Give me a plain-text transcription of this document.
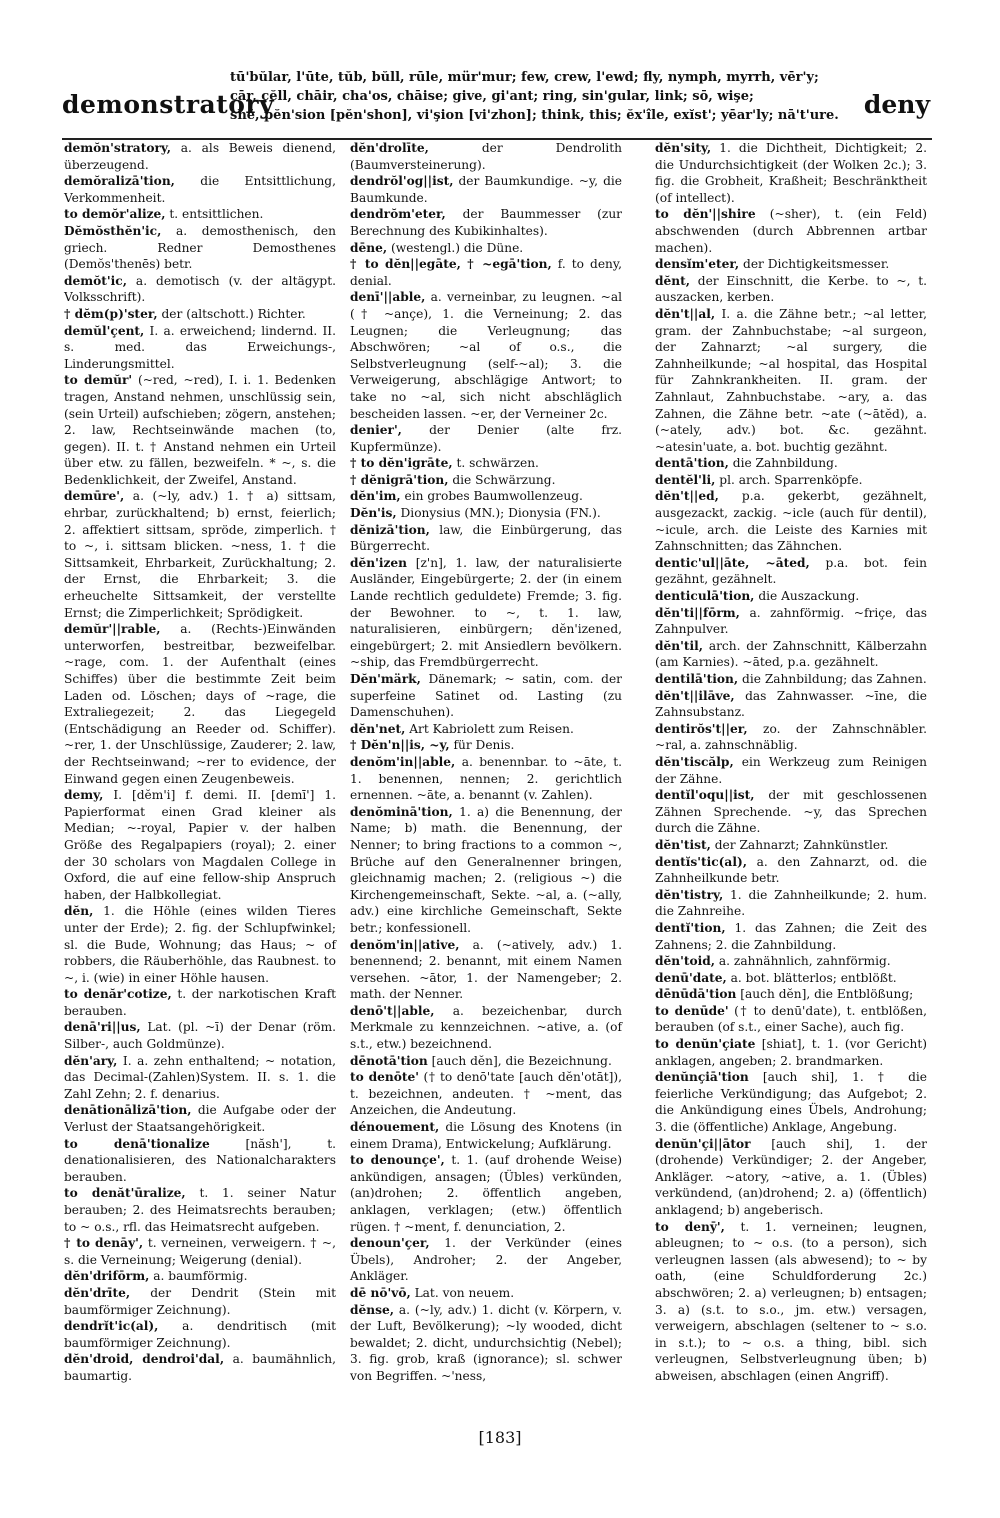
demonstratory
tū'bŭlar, l'ūte, tŭb, bŭll, rūle, mür'mur; few, crew, l'ewd; fly, nymph, myrrh, vēr'y;
cār, çĕll, chāir, cha'os, chāise; give, gi'ant; ring, sin'gular, link; sō, wişe;
shē, pĕn'sion [pĕn'shon], vi'şion [vi'zhon]; think, this; ĕx'île, exĭst'; yēar'ly; nā't'ure. deny

demŏn'stratory, a. als Beweis dienend, überzeugend.

demŏralizā'tion, die Entsittlichung, Verkommenheit.

to demŏr'alize, t. entsittlichen.

Dĕmŏsthĕn'ic, a. demosthenisch, den griech. Redner Demosthenes (Demŏs'thenēs) betr.

demŏt'ic, a. demotisch (v. der altägypt. Volksschrift).

† dĕm(p)'ster, der (altschott.) Richter.

demŭl'çent, I. a. erweichend; lindernd. II. s. med. das Erweichungs-, Linderungsmittel.

to demŭr' (~red, ~red), I. i. 1. Bedenken tragen, Anstand nehmen, unschlüssig sein, (sein Urteil) aufschieben; zögern, anstehen; 2. law, Rechtseinwände machen (to, gegen). II. t. † Anstand nehmen ein Urteil über etw. zu fällen, bezweifeln. * ~, s. die Bedenklichkeit, der Zweifel, Anstand.

demūre', a. (~ly, adv.) 1. † a) sittsam, ehrbar, zurückhaltend; b) ernst, feierlich; 2. affektiert sittsam, spröde, zimperlich. † to ~, i. sittsam blicken. ~ness, 1. † die Sittsamkeit, Ehrbarkeit, Zurückhaltung; 2. der Ernst, die Ehrbarkeit; 3. die erheuchelte Sittsamkeit, der verstellte Ernst; die Zimperlichkeit; Sprödigkeit.

demŭr'||rable, a. (Rechts-)Einwänden unterworfen, bestreitbar, bezweifelbar. ~rage, com. 1. der Aufenthalt (eines Schiffes) über die bestimmte Zeit beim Laden od. Löschen; days of ~rage, die Extraliegezeit; 2. das Liegegeld (Entschädigung an Reeder od. Schiffer). ~rer, 1. der Unschlüssige, Zauderer; 2. law, der Rechtseinwand; ~rer to evidence, der Einwand gegen einen Zeugenbeweis.

demy, I. [dĕm'i] f. demi. II. [demī'] 1. Papierformat einen Grad kleiner als Median; ~-royal, Papier v. der halben Größe des Regalpapiers (royal); 2. einer der 30 scholars von Magdalen College in Oxford, die auf eine fellow-ship Anspruch haben, der Halbkollegiat.

dĕn, 1. die Höhle (eines wilden Tieres unter der Erde); 2. fig. der Schlupfwinkel; sl. die Bude, Wohnung; das Haus; ~ of robbers, die Räuberhöhle, das Raubnest. to ~, i. (wie) in einer Höhle hausen.

to denăr'cotize, t. der narkotischen Kraft berauben.

denā'ri||us, Lat. (pl. ~ī) der Denar (röm. Silber-, auch Goldmünze).

dĕn'ary, I. a. zehn enthaltend; ~ notation, das Decimal-(Zahlen)System. II. s. 1. die Zahl Zehn; 2. f. denarius.

denātionālizā'tion, die Aufgabe oder der Verlust der Staatsangehörigkeit.

to denā'tionalize	[năsh'], t. denationalisieren, des Nationalcharakters berauben.

to denăt'ūralize, t. 1. seiner Natur berauben; 2. des Heimatsrechts berauben; to ~ o.s., rfl. das Heimatsrecht aufgeben.

† to denāy', t. verneinen, verweigern. † ~, s. die Verneinung; Weigerung (denial).

dĕn'drifōrm, a. baumförmig.

dĕn'drīte, der Dendrit (Stein mit baumförmiger Zeichnung).

dendrĭt'ic(al), a. dendritisch (mit baumförmiger Zeichnung).

dĕn'droid, dendroi'dal, a. baumähnlich, baumartig.

dĕn'drolīte,	der Dendrolith (Baumversteinerung).

dendrŏl'og||ist, der Baumkundige. ~y, die Baumkunde.

dendrŏm'eter, der Baummesser (zur Berechnung des Kubikinhaltes).

dēne, (westengl.) die Düne.

† to dĕn||egāte, † ~egā'tion, f. to deny, denial.

denī'||able, a. verneinbar, zu leugnen. ~al († ~ançe), 1. die Verneinung; 2. das Leugnen; die Verleugnung; das Abschwören; ~al of o.s., die Selbstverleugnung (self-~al); 3. die Verweigerung, abschlägige Antwort; to take no ~al, sich nicht abschläglich bescheiden lassen. ~er, der Verneiner 2c.

denier', der Denier (alte frz. Kupfermünze).

† to dĕn'igrāte, t. schwärzen.

† dĕnigrā'tion, die Schwärzung.

dĕn'im, ein grobes Baumwollenzeug.

Dĕn'is, Dionysius (MN.); Dionysia (FN.).

dĕnizā'tion, law, die Einbürgerung, das Bürgerrecht.

dĕn'izen [z'n], 1. law, der naturalisierte Ausländer, Eingebürgerte; 2. der (in einem Lande rechtlich geduldete) Fremde; 3. fig. der Bewohner. to ~, t. 1. law, naturalisieren, einbürgern; dĕn'izened, eingebürgert; 2. mit Ansiedlern bevölkern. ~ship, das Fremdbürgerrecht.

Dĕn'märk, Dänemark; ~ satin, com. der superfeine Satinet od. Lasting (zu Damenschuhen).

dĕn'net, Art Kabriolett zum Reisen.

† Dĕn'n||is, ~y, für Denis.

denŏm'in||able, a. benennbar. to ~āte, t. 1. benennen, nennen; 2. gerichtlich ernennen. ~āte, a. benannt (v. Zahlen).

denŏminā'tion, 1. a) die Benennung, der Name; b) math. die Benennung, der Nenner; to bring fractions to a common ~, Brüche auf den Generalnenner bringen, gleichnamig machen; 2. (religious ~) die Kirchengemeinschaft, Sekte. ~al, a. (~ally, adv.) eine kirchliche Gemeinschaft, Sekte betr.; konfessionell.

denŏm'in||ative, a. (~atively, adv.) 1. benennend; 2. benannt, mit einem Namen versehen. ~ātor, 1. der Namengeber; 2. math. der Nenner.

denō't||able, a. bezeichenbar, durch Merkmale zu kennzeichnen. ~ative, a. (of s.t., etw.) bezeichnend.

dēnotā'tion [auch dĕn], die Bezeichnung.

to denōte' († to denō'tate [auch dĕn'otāt]), t. bezeichnen, andeuten. † ~ment, das Anzeichen, die Andeutung.

dénouement, die Lösung des Knotens (in einem Drama), Entwickelung; Aufklärung.

to denounçe', t. 1. (auf drohende Weise) ankündigen, ansagen; (Übles) verkünden, (an)drohen; 2. öffentlich angeben, anklagen, verklagen; (etw.) öffentlich rügen. † ~ment, f. denunciation, 2.

denoun'çer, 1. der Verkünder (eines Übels), Androher; 2. der Angeber, Ankläger.

dē nō'vō, Lat. von neuem.

dĕnse, a. (~ly, adv.) 1. dicht (v. Körpern, v. der Luft, Bevölkerung); ~ly wooded, dicht bewaldet; 2. dicht, undurchsichtig (Nebel); 3. fig. grob, kraß (ignorance); sl. schwer von Begriffen. ~'ness,

dĕn'sity, 1. die Dichtheit, Dichtigkeit; 2. die Undurchsichtigkeit (der Wolken 2c.); 3. fig. die Grobheit, Kraßheit; Beschränktheit (of intellect).

to dĕn'||shire (~sher), t. (ein Feld) abschwenden (durch Abbrennen artbar machen).

densĭm'eter, der Dichtigkeitsmesser.

dĕnt, der Einschnitt, die Kerbe. to ~, t. auszacken, kerben.

dĕn't||al, I. a. die Zähne betr.; ~al letter, gram. der Zahnbuchstabe; ~al surgeon, der Zahnarzt; ~al surgery, die Zahnheilkunde; ~al hospital, das Hospital für Zahnkrankheiten. II. gram. der Zahnlaut, Zahnbuchstabe. ~ary, a. das Zahnen, die Zähne betr. ~ate (~ātĕd), a. (~ately, adv.) bot. &c. gezähnt. ~atesin'uate, a. bot. buchtig gezähnt.

dentā'tion, die Zahnbildung.

dentĕl'li, pl. arch. Sparrenköpfe.

dĕn't||ed, p.a. gekerbt, gezähnelt, ausgezackt, zackig. ~icle (auch für dentil), ~icule, arch. die Leiste des Karnies mit Zahnschnitten; das Zähnchen.

dentic'ul||āte, ~āted, p.a. bot. fein gezähnt, gezähnelt.

denticulā'tion, die Auszackung.

dĕn'ti||fōrm, a. zahnförmig. ~friçe, das Zahnpulver.

dĕn'til, arch. der Zahnschnitt, Kälberzahn (am Karnies). ~āted, p.a. gezähnelt.

dentilā'tion, die Zahnbildung; das Zahnen.

dĕn't||ilāve, das Zahnwasser. ~īne, die Zahnsubstanz.

dentirŏs't||er, zo. der Zahnschnäbler. ~ral, a. zahnschnäblig.

dĕn'tiscălp, ein Werkzeug zum Reinigen der Zähne.

dentĭl'oqu||ist, der mit geschlossenen Zähnen Sprechende. ~y, das Sprechen durch die Zähne.

dĕn'tist, der Zahnarzt; Zahnkünstler.

dentĭs'tic(al), a. den Zahnarzt, od. die Zahnheilkunde betr.

dĕn'tistry, 1. die Zahnheilkunde; 2. hum. die Zahnreihe.

dentĭ'tion, 1. das Zahnen; die Zeit des Zahnens; 2. die Zahnbildung.

dĕn'toid, a. zahnähnlich, zahnförmig.

denū'date, a. bot. blätterlos; entblößt.

dēnūdā'tion [auch dĕn], die Entblößung;

to denūde' († to denū'date), t. entblößen, berauben (of s.t., einer Sache), auch fig.

to denŭn'çiate [shiat], t. 1. (vor Gericht) anklagen, angeben; 2. brandmarken.

denŭnçiā'tion [auch shi], 1. † die feierliche Verkündigung; das Aufgebot; 2. die Ankündigung eines Übels, Androhung; 3. die (öffentliche) Anklage, Angebung.

denŭn'çi||ātor [auch shi], 1. der (drohende) Verkündiger; 2. der Angeber, Ankläger. ~atory, ~ative, a. 1. (Übles) verkündend, (an)drohend; 2. a) (öffentlich) anklagend; b) angeberisch.

to denȳ', t. 1. verneinen; leugnen, ableugnen; to ~ o.s. (to a person), sich verleugnen lassen (als abwesend); to ~ by oath, (eine Schuldforderung 2c.) abschwören; 2. a) verleugnen; b) entsagen; 3. a) (s.t. to s.o., jm. etw.) versagen, verweigern, abschlagen (seltener to ~ s.o. in s.t.); to ~ o.s. a thing, bibl. sich verleugnen, Selbstverleugnung üben; b) abweisen, abschlagen (einen Angriff).

[183]
